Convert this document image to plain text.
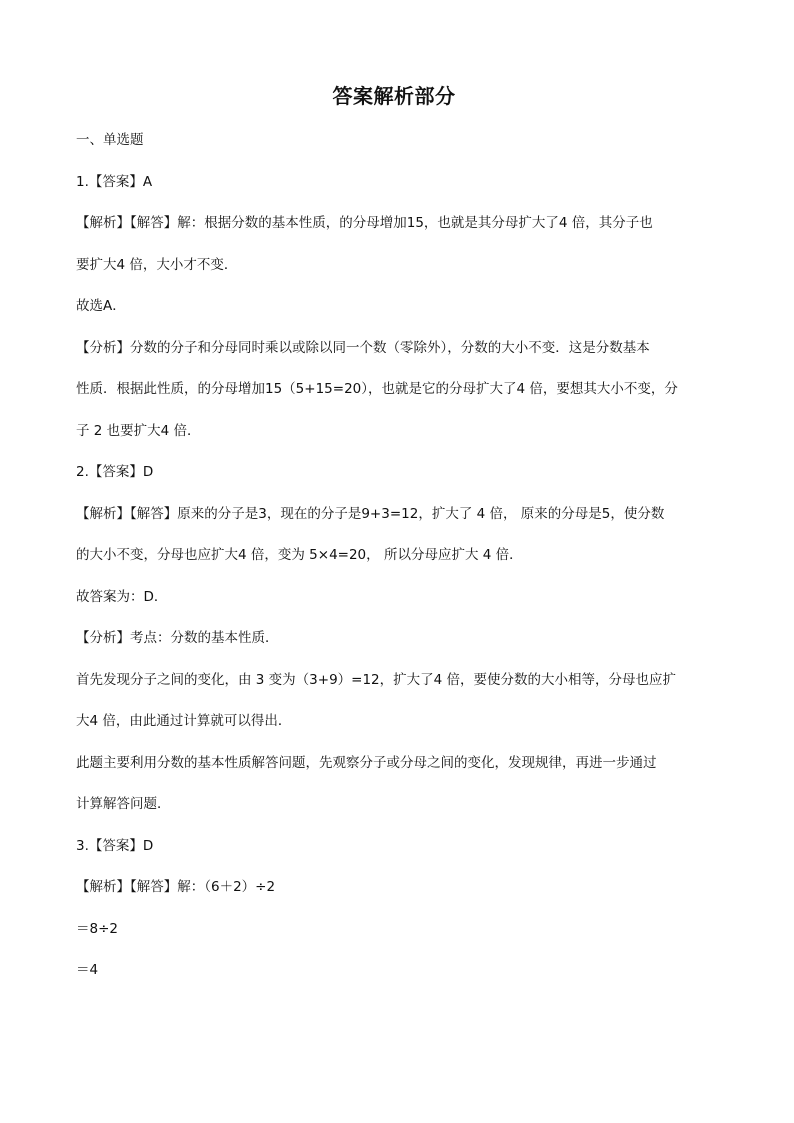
答案解析部分
一、单选题
1.【答案】A
【解析】【解答】解：根据分数的基本性质，的分母增加15，也就是其分母扩大了4 倍，其分子也
要扩大4 倍，大小才不变．
故选A．
【分析】分数的分子和分母同时乘以或除以同一个数（零除外），分数的大小不变．这是分数基本
性质．根据此性质，的分母增加15（5+15=20），也就是它的分母扩大了4 倍，要想其大小不变，分
子 2 也要扩大4 倍．
2.【答案】D
【解析】【解答】原来的分子是3，现在的分子是9+3=12，扩大了 4 倍， 原来的分母是5，使分数
的大小不变，分母也应扩大4 倍，变为 5×4=20， 所以分母应扩大 4 倍．
故答案为：D．
【分析】考点：分数的基本性质．
首先发现分子之间的变化，由 3 变为（3+9）=12，扩大了4 倍，要使分数的大小相等，分母也应扩
大4 倍，由此通过计算就可以得出．
此题主要利用分数的基本性质解答问题，先观察分子或分母之间的变化，发现规律，再进一步通过
计算解答问题．
3.【答案】D
【解析】【解答】解：（6＋2）÷2
＝8÷2
＝4
